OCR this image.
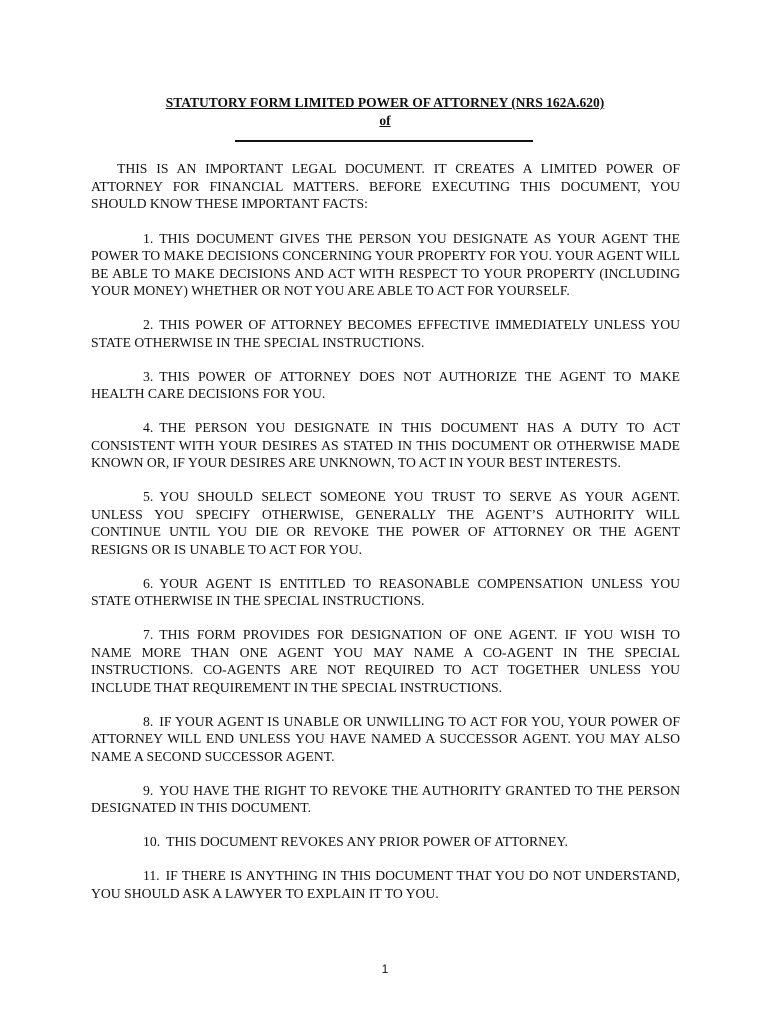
STATUTORY FORM LIMITED POWER OF ATTORNEY (NRS 162A.620)
of

THIS IS AN IMPORTANT LEGAL DOCUMENT. IT CREATES A LIMITED POWER OF ATTORNEY FOR FINANCIAL MATTERS. BEFORE EXECUTING THIS DOCUMENT, YOU SHOULD KNOW THESE IMPORTANT FACTS:

1. THIS DOCUMENT GIVES THE PERSON YOU DESIGNATE AS YOUR AGENT THE POWER TO MAKE DECISIONS CONCERNING YOUR PROPERTY FOR YOU. YOUR AGENT WILL BE ABLE TO MAKE DECISIONS AND ACT WITH RESPECT TO YOUR PROPERTY (INCLUDING YOUR MONEY) WHETHER OR NOT YOU ARE ABLE TO ACT FOR YOURSELF.

2. THIS POWER OF ATTORNEY BECOMES EFFECTIVE IMMEDIATELY UNLESS YOU STATE OTHERWISE IN THE SPECIAL INSTRUCTIONS.

3. THIS POWER OF ATTORNEY DOES NOT AUTHORIZE THE AGENT TO MAKE HEALTH CARE DECISIONS FOR YOU.

4. THE PERSON YOU DESIGNATE IN THIS DOCUMENT HAS A DUTY TO ACT CONSISTENT WITH YOUR DESIRES AS STATED IN THIS DOCUMENT OR OTHERWISE MADE KNOWN OR, IF YOUR DESIRES ARE UNKNOWN, TO ACT IN YOUR BEST INTERESTS.

5. YOU SHOULD SELECT SOMEONE YOU TRUST TO SERVE AS YOUR AGENT. UNLESS YOU SPECIFY OTHERWISE, GENERALLY THE AGENT’S AUTHORITY WILL CONTINUE UNTIL YOU DIE OR REVOKE THE POWER OF ATTORNEY OR THE AGENT RESIGNS OR IS UNABLE TO ACT FOR YOU.

6. YOUR AGENT IS ENTITLED TO REASONABLE COMPENSATION UNLESS YOU STATE OTHERWISE IN THE SPECIAL INSTRUCTIONS.

7. THIS FORM PROVIDES FOR DESIGNATION OF ONE AGENT. IF YOU WISH TO NAME MORE THAN ONE AGENT YOU MAY NAME A CO-AGENT IN THE SPECIAL INSTRUCTIONS. CO-AGENTS ARE NOT REQUIRED TO ACT TOGETHER UNLESS YOU INCLUDE THAT REQUIREMENT IN THE SPECIAL INSTRUCTIONS.

8. IF YOUR AGENT IS UNABLE OR UNWILLING TO ACT FOR YOU, YOUR POWER OF ATTORNEY WILL END UNLESS YOU HAVE NAMED A SUCCESSOR AGENT. YOU MAY ALSO NAME A SECOND SUCCESSOR AGENT.

9. YOU HAVE THE RIGHT TO REVOKE THE AUTHORITY GRANTED TO THE PERSON DESIGNATED IN THIS DOCUMENT.

10. THIS DOCUMENT REVOKES ANY PRIOR POWER OF ATTORNEY.

11. IF THERE IS ANYTHING IN THIS DOCUMENT THAT YOU DO NOT UNDERSTAND, YOU SHOULD ASK A LAWYER TO EXPLAIN IT TO YOU.

1
